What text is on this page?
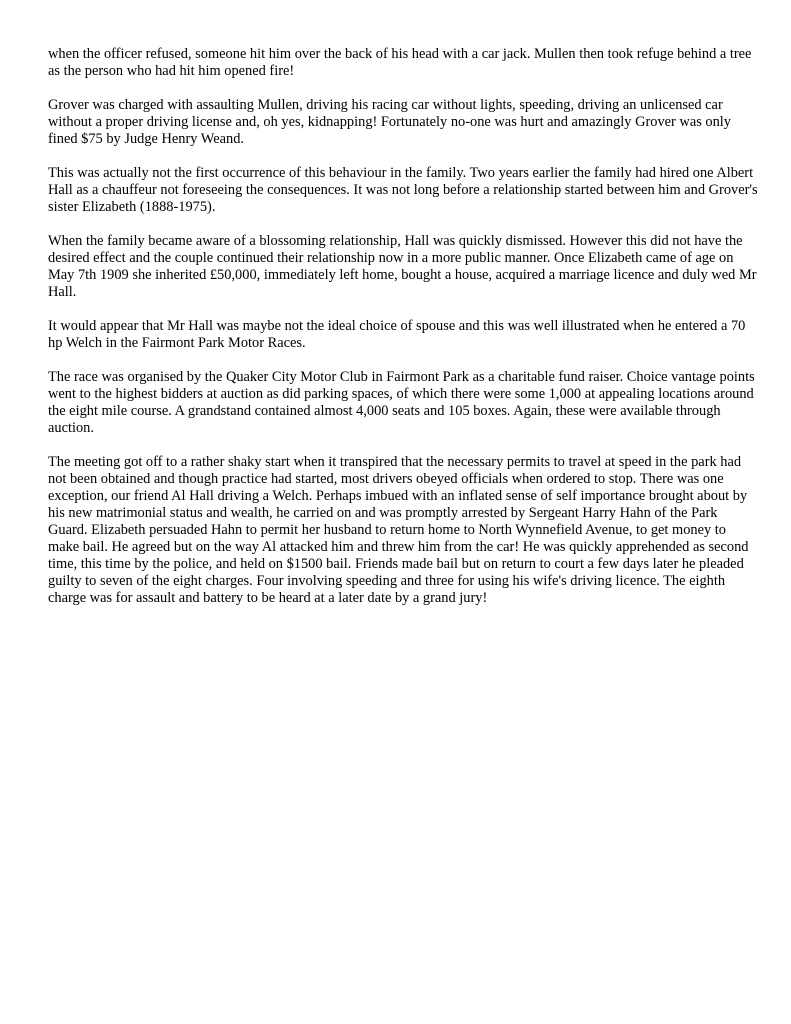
when the officer refused, someone hit him over the back of his head with a car jack. Mullen then took refuge behind a tree as the person who had hit him opened fire!

Grover was charged with assaulting Mullen, driving his racing car without lights, speeding, driving an unlicensed car without a proper driving license and, oh yes, kidnapping! Fortunately no-one was hurt and amazingly Grover was only fined $75 by Judge Henry Weand.

This was actually not the first occurrence of this behaviour in the family. Two years earlier the family had hired one Albert Hall as a chauffeur not foreseeing the consequences. It was not long before a relationship started between him and Grover's sister Elizabeth (1888-1975).

When the family became aware of a blossoming relationship, Hall was quickly dismissed. However this did not have the desired effect and the couple continued their relationship now in a more public manner. Once Elizabeth came of age on May 7th 1909 she inherited £50,000, immediately left home, bought a house, acquired a marriage licence and duly wed Mr Hall.

It would appear that Mr Hall was maybe not the ideal choice of spouse and this was well illustrated when he entered a 70 hp Welch in the Fairmont Park Motor Races.

The race was organised by the Quaker City Motor Club in Fairmont Park as a charitable fund raiser. Choice vantage points went to the highest bidders at auction as did parking spaces, of which there were some 1,000 at appealing locations around the eight mile course. A grandstand contained almost 4,000 seats and 105 boxes. Again, these were available through auction.

The meeting got off to a rather shaky start when it transpired that the necessary permits to travel at speed in the park had not been obtained and though practice had started, most drivers obeyed officials when ordered to stop. There was one exception, our friend Al Hall driving a Welch. Perhaps imbued with an inflated sense of self importance brought about by his new matrimonial status and wealth, he carried on and was promptly arrested by Sergeant Harry Hahn of the Park Guard. Elizabeth persuaded Hahn to permit her husband to return home to North Wynnefield Avenue, to get money to make bail. He agreed but on the way Al attacked him and threw him from the car! He was quickly apprehended as second time, this time by the police, and held on $1500 bail. Friends made bail but on return to court a few days later he pleaded guilty to seven of the eight charges. Four involving speeding and three for using his wife's driving licence. The eighth charge was for assault and battery to be heard at a later date by a grand jury!
